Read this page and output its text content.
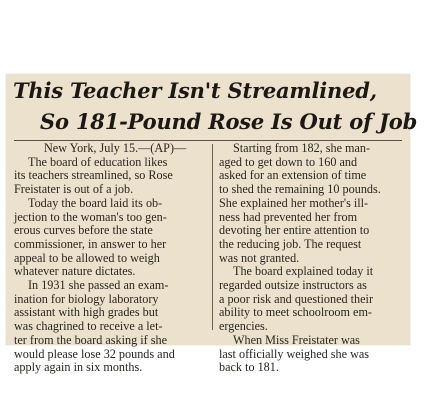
This Teacher Isn't Streamlined,
So 181-Pound Rose Is Out of Job
New York, July 15.—(AP)—
The board of education likes
its teachers streamlined, so Rose
Freistater is out of a job.
Today the board laid its ob-
jection to the woman's too gen-
erous curves before the state
commissioner, in answer to her
appeal to be allowed to weigh
whatever nature dictates.
In 1931 she passed an exam-
ination for biology laboratory
assistant with high grades but
was chagrined to receive a let-
ter from the board asking if she
would please lose 32 pounds and
apply again in six months.
Starting from 182, she man-
aged to get down to 160 and
asked for an extension of time
to shed the remaining 10 pounds.
She explained her mother's ill-
ness had prevented her from
devoting her entire attention to
the reducing job. The request
was not granted.
The board explained today it
regarded outsize instructors as
a poor risk and questioned their
ability to meet schoolroom em-
ergencies.
When Miss Freistater was
last officially weighed she was
back to 181.
